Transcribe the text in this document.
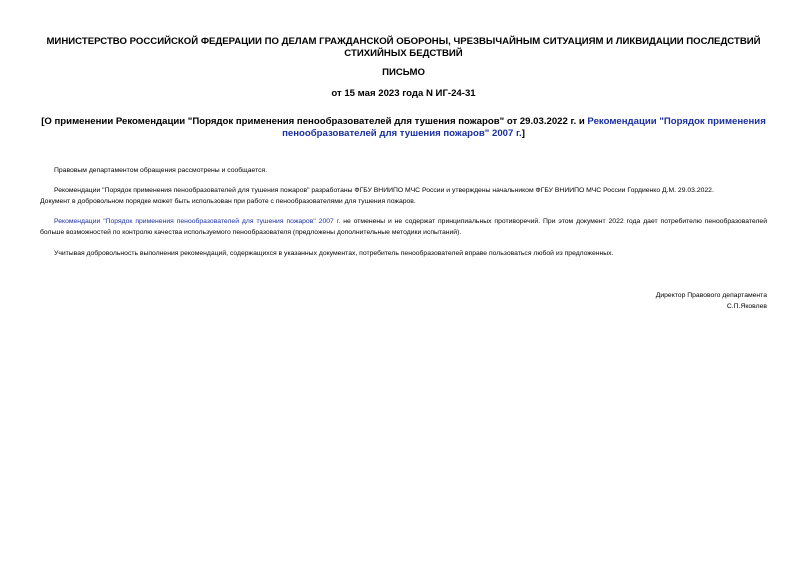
МИНИСТЕРСТВО РОССИЙСКОЙ ФЕДЕРАЦИИ ПО ДЕЛАМ ГРАЖДАНСКОЙ ОБОРОНЫ, ЧРЕЗВЫЧАЙНЫМ СИТУАЦИЯМ И ЛИКВИДАЦИИ ПОСЛЕДСТВИЙ СТИХИЙНЫХ БЕДСТВИЙ
ПИСЬМО
от 15 мая 2023 года N ИГ-24-31
[О применении Рекомендации "Порядок применения пенообразователей для тушения пожаров" от 29.03.2022 г. и Рекомендации "Порядок применения пенообразователей для тушения пожаров" 2007 г.]
Правовым департаментом обращения рассмотрены и сообщается.
Рекомендации "Порядок применения пенообразователей для тушения пожаров" разработаны ФГБУ ВНИИПО МЧС России и утверждены начальником ФГБУ ВНИИПО МЧС России Гордиенко Д.М. 29.03.2022.
Документ в добровольном порядке может быть использован при работе с пенообразователями для тушения пожаров.
Рекомендации "Порядок применения пенообразователей для тушения пожаров" 2007 г. не отменены и не содержат принципиальных противоречий. При этом документ 2022 года дает потребителю пенообразователей больше возможностей по контролю качества используемого пенообразователя (предложены дополнительные методики испытаний).
Учитывая добровольность выполнения рекомендаций, содержащихся в указанных документах, потребитель пенообразователей вправе пользоваться любой из предложенных.
Директор Правового департамента
С.П.Яковлев
